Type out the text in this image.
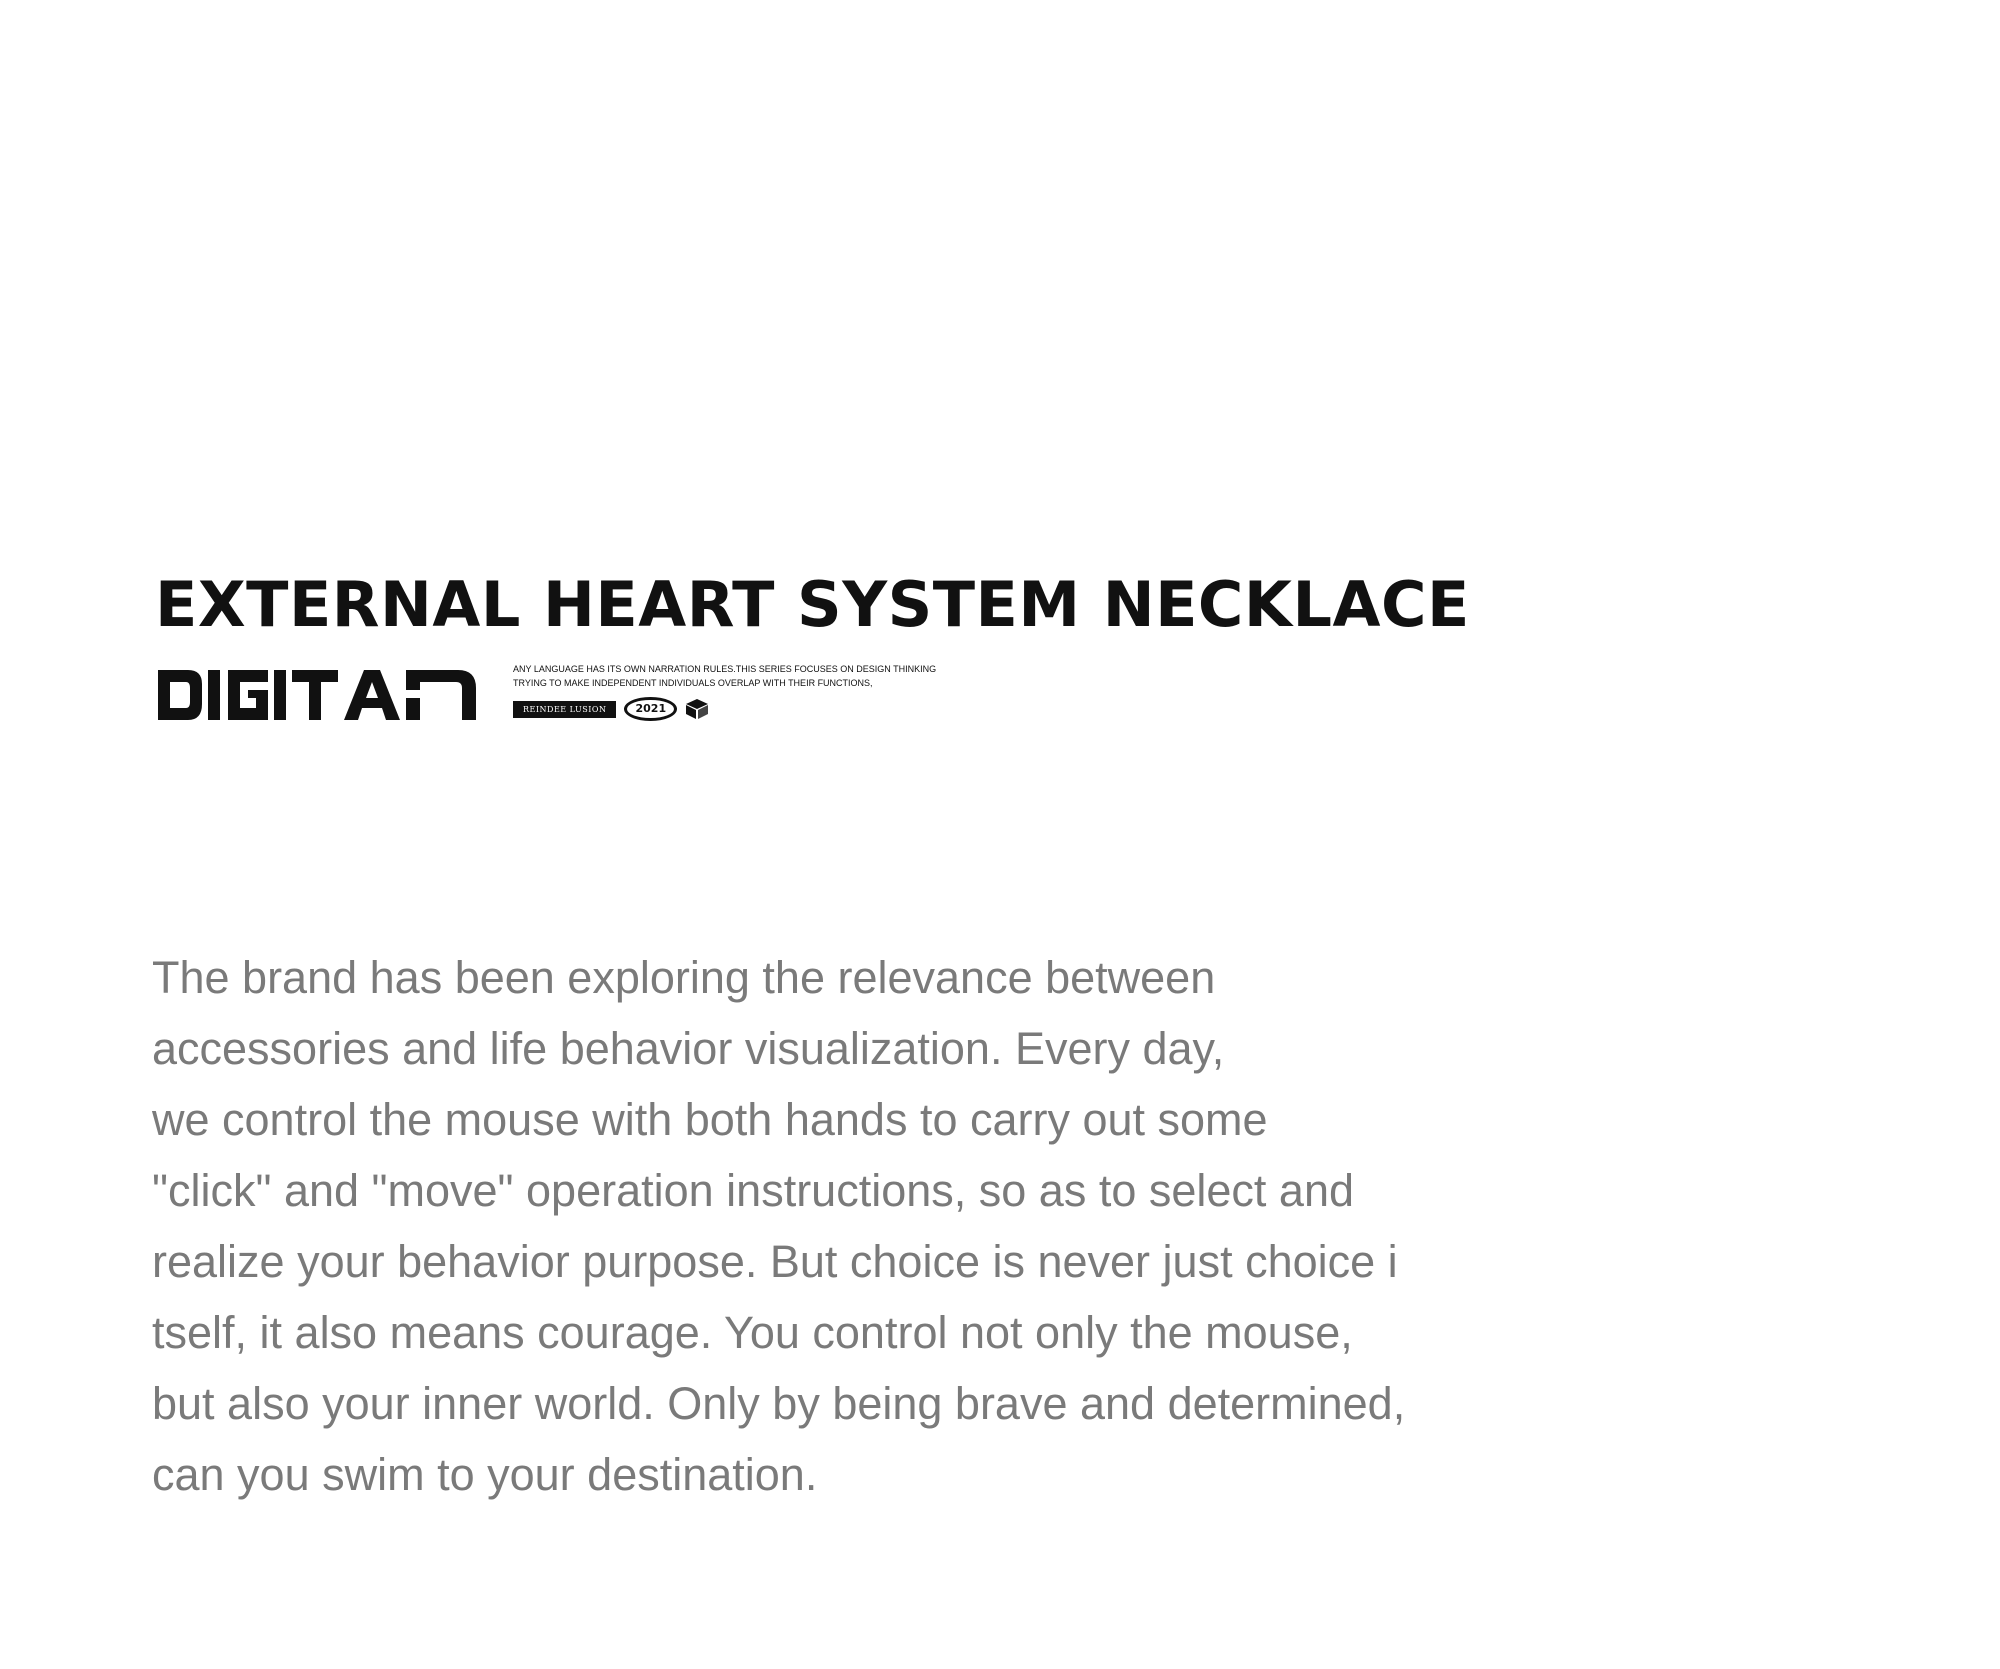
EXTERNAL HEART SYSTEM NECKLACE
ANY LANGUAGE HAS ITS OWN NARRATION RULES.THIS SERIES FOCUSES ON DESIGN THINKING
TRYING TO MAKE INDEPENDENT INDIVIDUALS OVERLAP WITH THEIR FUNCTIONS,
REINDEE LUSION	2021
The brand has been exploring the relevance between
accessories and life behavior visualization. Every day,
we control the mouse with both hands to carry out some
"click" and "move" operation instructions, so as to select and
realize your behavior purpose. But choice is never just choice i
tself, it also means courage. You control not only the mouse,
but also your inner world. Only by being brave and determined,
can you swim to your destination.
